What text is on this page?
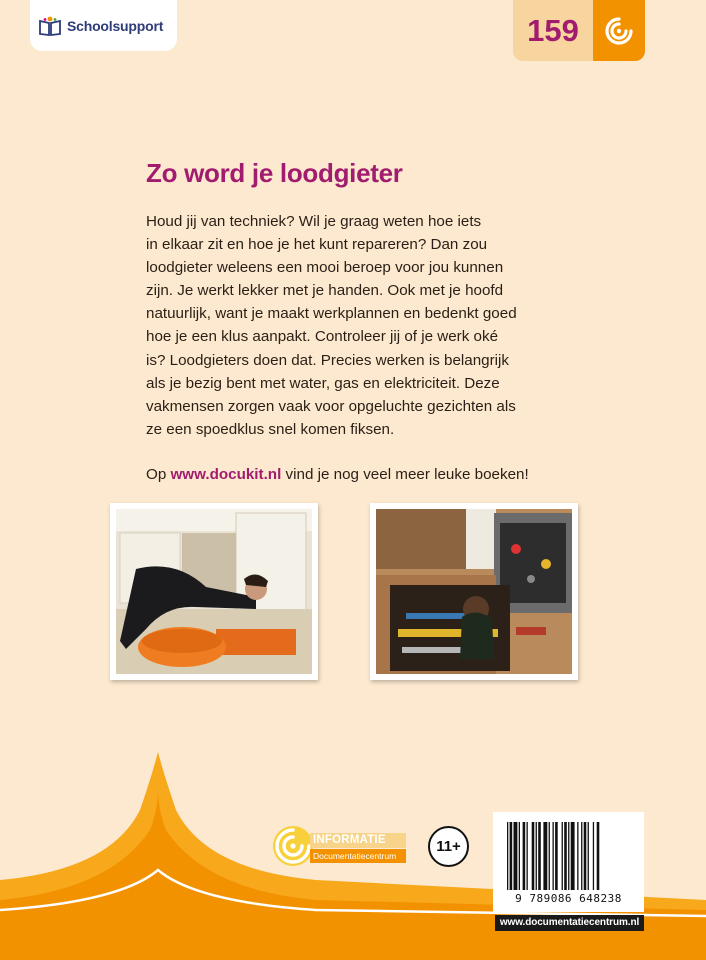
Schoolsupport	159
Zo word je loodgieter
Houd jij van techniek? Wil je graag weten hoe iets
in elkaar zit en hoe je het kunt repareren? Dan zou
loodgieter weleens een mooi beroep voor jou kunnen
zijn. Je werkt lekker met je handen. Ook met je hoofd
natuurlijk, want je maakt werkplannen en bedenkt goed
hoe je een klus aanpakt. Controleer jij of je werk oké
is? Loodgieters doen dat. Precies werken is belangrijk
als je bezig bent met water, gas en elektriciteit. Deze
vakmensen zorgen vaak voor opgeluchte gezichten als
ze een spoedklus snel komen fiksen.

Op www.docukit.nl vind je nog veel meer leuke boeken!

INFORMATIE
Documentatiecentrum
11+
9 789086 648238
www.documentatiecentrum.nl
